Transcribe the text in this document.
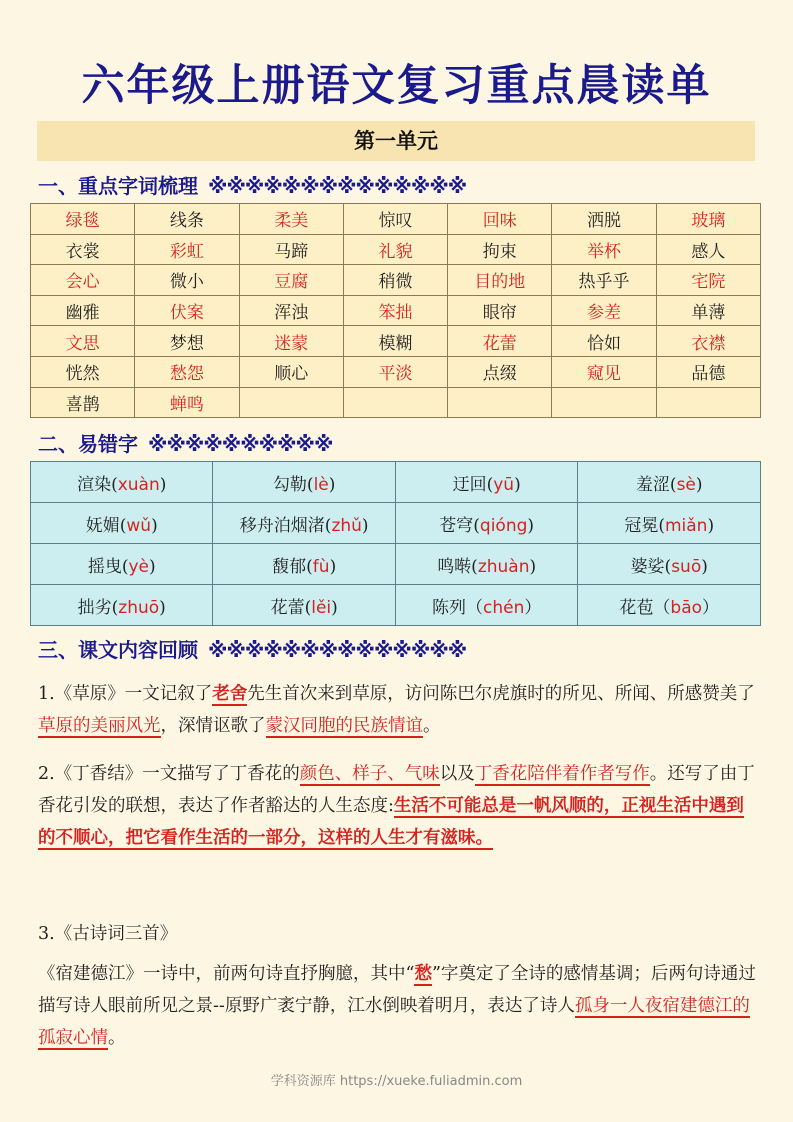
六年级上册语文复习重点晨读单
第一单元
一、重点字词梳理 ※※※※※※※※※※※※※※
绿毯	线条	柔美	惊叹	回味	洒脱	玻璃
衣裳	彩虹	马蹄	礼貌	拘束	举杯	感人
会心	微小	豆腐	稍微	目的地	热乎乎	宅院
幽雅	伏案	浑浊	笨拙	眼帘	参差	单薄
文思	梦想	迷蒙	模糊	花蕾	恰如	衣襟
恍然	愁怨	顺心	平淡	点缀	窥见	品德
喜鹊	蝉鸣					
二、易错字 ※※※※※※※※※※
渲染(xuàn)	勾勒(lè)	迂回(yū)	羞涩(sè)
妩媚(wǔ)	移舟泊烟渚(zhǔ)	苍穹(qióng)	冠冕(miǎn)
摇曳(yè)	馥郁(fù)	鸣啭(zhuàn)	婆娑(suō)
拙劣(zhuō)	花蕾(lěi)	陈列（chén）	花苞（bāo）
三、课文内容回顾 ※※※※※※※※※※※※※※
1.《草原》一文记叙了老舍先生首次来到草原，访问陈巴尔虎旗时的所见、所闻、所感赞美了草原的美丽风光，深情讴歌了蒙汉同胞的民族情谊。
2.《丁香结》一文描写了丁香花的颜色、样子、气味以及丁香花陪伴着作者写作。还写了由丁香花引发的联想，表达了作者豁达的人生态度:生活不可能总是一帆风顺的，正视生活中遇到的不顺心，把它看作生活的一部分，这样的人生才有滋味。
3.《古诗词三首》
《宿建德江》一诗中，前两句诗直抒胸臆，其中“愁”字奠定了全诗的感情基调；后两句诗通过描写诗人眼前所见之景--原野广袤宁静，江水倒映着明月，表达了诗人孤身一人夜宿建德江的孤寂心情。
学科资源库 https://xueke.fuliadmin.com
